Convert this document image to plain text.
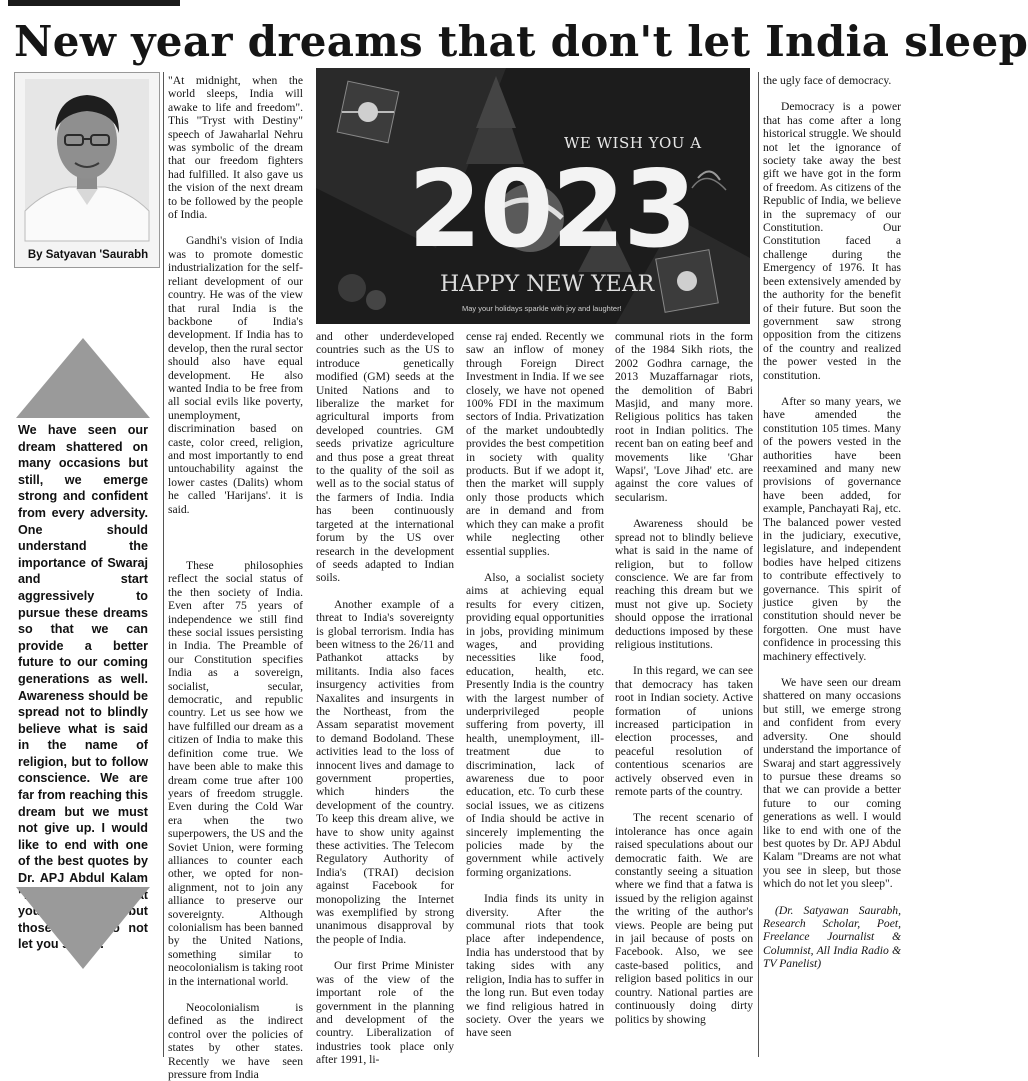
New year dreams that don't let India sleep
By Satyavan 'Saurabh
We have seen our dream shattered on many occasions but still, we emerge strong and confident from every adversity. One should understand the importance of Swaraj and start aggressively to pursue these dreams so that we can provide a better future to our coming generations as well. Awareness should be spread not to blindly believe what is said in the name of religion, but to follow conscience. We are far from reaching this dream but we must not give up. I would like to end with one of the best quotes by Dr. APJ Abdul Kalam "Dreams are not what you see in sleep, but those which do not let you sleep".

"At midnight, when the world sleeps, India will awake to life and freedom". This "Tryst with Destiny" speech of Jawaharlal Nehru was symbolic of the dream that our freedom fighters had fulfilled. It also gave us the vision of the next dream to be followed by the people of India.

Gandhi's vision of India was to promote domestic industrialization for the self-reliant development of our country. He was of the view that rural India is the backbone of India's development. If India has to develop, then the rural sector should also have equal development. He also wanted India to be free from all social evils like poverty, unemployment, discrimination based on caste, color creed, religion, and most importantly to end untouchability against the lower castes (Dalits) whom he called 'Harijans'. it is said.

These philosophies reflect the social status of the then society of India. Even after 75 years of independence we still find these social issues persisting in India. The Preamble of our Constitution specifies India as a sovereign, socialist, secular, democratic, and republic country. Let us see how we have fulfilled our dream as a citizen of India to make this definition come true. We have been able to make this dream come true after 100 years of freedom struggle. Even during the Cold War era when the two superpowers, the US and the Soviet Union, were forming alliances to counter each other, we opted for non-alignment, not to join any alliance to preserve our sovereignty. Although colonialism has been banned by the United Nations, something similar to neocolonialism is taking root in the international world.

Neocolonialism is defined as the indirect control over the policies of states by other states. Recently we have seen pressure from India

WE WISH YOU A
2023
HAPPY NEW YEAR
May your holidays sparkle with joy and laughter!

and other underdeveloped countries such as the US to introduce genetically modified (GM) seeds at the United Nations and to liberalize the market for agricultural imports from developed countries. GM seeds privatize agriculture and thus pose a great threat to the quality of the soil as well as to the social status of the farmers of India. India has been continuously targeted at the international forum by the US over research in the development of seeds adapted to Indian soils.

Another example of a threat to India's sovereignty is global terrorism. India has been witness to the 26/11 and Pathankot attacks by militants. India also faces insurgency activities from Naxalites and insurgents in the Northeast, from the Assam separatist movement to demand Bodoland. These activities lead to the loss of innocent lives and damage to government properties, which hinders the development of the country. To keep this dream alive, we have to show unity against these activities. The Telecom Regulatory Authority of India's (TRAI) decision against Facebook for monopolizing the Internet was exemplified by strong unanimous disapproval by the people of India.

Our first Prime Minister was of the view of the important role of the government in the planning and development of the country. Liberalization of industries took place only after 1991, li-

cense raj ended. Recently we saw an inflow of money through Foreign Direct Investment in India. If we see closely, we have not opened 100% FDI in the maximum sectors of India. Privatization of the market undoubtedly provides the best competition in society with quality products. But if we adopt it, then the market will supply only those products which are in demand and from which they can make a profit while neglecting other essential supplies.

Also, a socialist society aims at achieving equal results for every citizen, providing equal opportunities in jobs, providing minimum wages, and providing necessities like food, education, health, etc. Presently India is the country with the largest number of underprivileged people suffering from poverty, ill health, unemployment, ill-treatment due to discrimination, lack of awareness due to poor education, etc. To curb these social issues, we as citizens of India should be active in sincerely implementing the policies made by the government while actively forming organizations.

India finds its unity in diversity. After the communal riots that took place after independence, India has understood that by taking sides with any religion, India has to suffer in the long run. But even today we find religious hatred in society. Over the years we have seen

communal riots in the form of the 1984 Sikh riots, the 2002 Godhra carnage, the 2013 Muzaffarnagar riots, the demolition of Babri Masjid, and many more. Religious politics has taken root in Indian politics. The recent ban on eating beef and movements like 'Ghar Wapsi', 'Love Jihad' etc. are against the core values of secularism.

Awareness should be spread not to blindly believe what is said in the name of religion, but to follow conscience. We are far from reaching this dream but we must not give up. Society should oppose the irrational deductions imposed by these religious institutions.

In this regard, we can see that democracy has taken root in Indian society. Active formation of unions increased participation in election processes, and peaceful resolution of contentious scenarios are actively observed even in remote parts of the country.

The recent scenario of intolerance has once again raised speculations about our democratic faith. We are constantly seeing a situation where we find that a fatwa is issued by the religion against the writing of the author's views. People are being put in jail because of posts on Facebook. Also, we see caste-based politics, and religion based politics in our country. National parties are continuously doing dirty politics by showing

the ugly face of democracy.

Democracy is a power that has come after a long historical struggle. We should not let the ignorance of society take away the best gift we have got in the form of freedom. As citizens of the Republic of India, we believe in the supremacy of our Constitution. Our Constitution faced a challenge during the Emergency of 1976. It has been extensively amended by the authority for the benefit of their future. But soon the government saw strong opposition from the citizens of the country and realized the power vested in the constitution.

After so many years, we have amended the constitution 105 times. Many of the powers vested in the authorities have been reexamined and many new provisions of governance have been added, for example, Panchayati Raj, etc. The balanced power vested in the judiciary, executive, legislature, and independent bodies have helped citizens to contribute effectively to governance. This spirit of justice given by the constitution should never be forgotten. One must have confidence in processing this machinery effectively.

We have seen our dream shattered on many occasions but still, we emerge strong and confident from every adversity. One should understand the importance of Swaraj and start aggressively to pursue these dreams so that we can provide a better future to our coming generations as well. I would like to end with one of the best quotes by Dr. APJ Abdul Kalam "Dreams are not what you see in sleep, but those which do not let you sleep".

(Dr. Satyawan Saurabh, Research Scholar, Poet, Freelance Journalist & Columnist, All India Radio & TV Panelist)
